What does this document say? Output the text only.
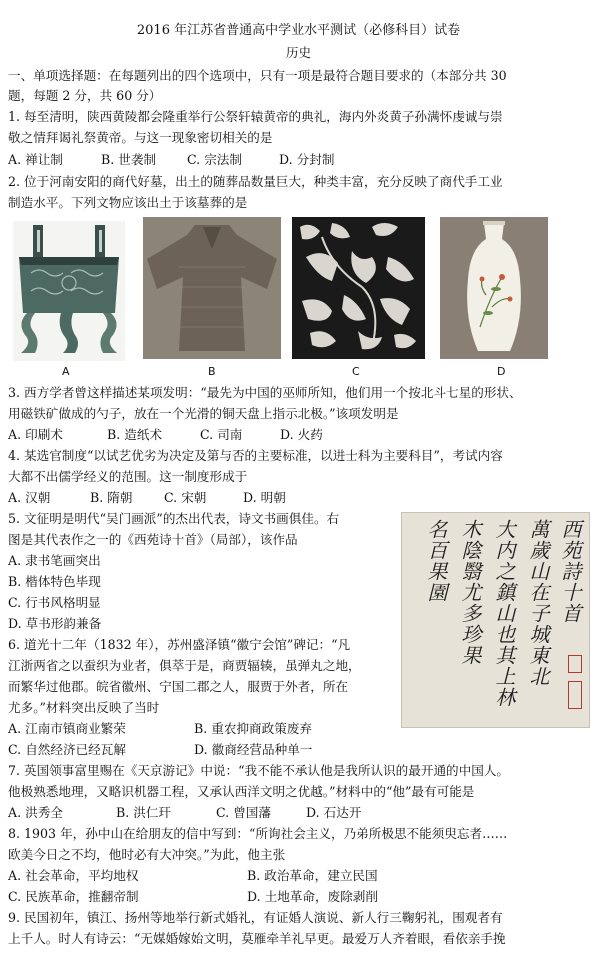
2016 年江苏省普通高中学业水平测试（必修科目）试卷
历史
一、单项选择题：在每题列出的四个选项中，只有一项是最符合题目要求的（本部分共 30
题，每题 2 分，共 60 分）
1. 每至清明，陕西黄陵都会隆重举行公祭轩辕黄帝的典礼，海内外炎黄子孙满怀虔诚与崇
敬之情拜谒礼祭黄帝。与这一现象密切相关的是
A. 禅让制	B. 世袭制 C. 宗法制	D. 分封制
2. 位于河南安阳的商代好墓，出土的随葬品数量巨大，种类丰富，充分反映了商代手工业
制造水平。下列文物应该出土于该墓葬的是
A	B	C	D
3. 西方学者曾这样描述某项发明：“最先为中国的巫师所知，他们用一个按北斗七星的形状、
用磁铁矿做成的勺子，放在一个光滑的铜天盘上指示北极。”该项发明是
A. 印刷术	B. 造纸术	C. 司南	D. 火药
4. 某选官制度“以试艺优劣为决定及第与否的主要标准，以进士科为主要科目”，考试内容
大都不出儒学经义的范围。这一制度形成于
A. 汉朝	B. 隋朝	C. 宋朝	D. 明朝
5. 文征明是明代“吴门画派”的杰出代表，诗文书画俱佳。右
图是其代表作之一的《西苑诗十首》（局部），该作品
A. 隶书笔画突出
B. 楷体特色毕现
C. 行书风格明显
D. 草书形韵兼备	西苑詩十首
萬歲山在子城東北
大内之鎮山也其上林
木陰翳尤多珍果
名百果園
6. 道光十二年（1832 年），苏州盛泽镇“徽宁会馆”碑记：“凡
江浙两省之以蚕织为业者，俱萃于是，商贾辐辏，虽弹丸之地，
而繁华过他郡。皖省徽州、宁国二郡之人，服贾于外者，所在
尤多。”材料突出反映了当时
A. 江南市镇商业繁荣	B. 重农抑商政策废弃
C. 自然经济已经瓦解	D. 徽商经营品种单一
7. 英国领事富里赐在《天京游记》中说：“我不能不承认他是我所认识的最开通的中国人。
他极熟悉地理，又略识机器工程，又承认西洋文明之优越。”材料中的“他”最有可能是
A. 洪秀全	B. 洪仁玕	C. 曾国藩	D. 石达开
8. 1903 年，孙中山在给朋友的信中写到：“所询社会主义，乃弟所极思不能须臾忘者……
欧美今日之不均，他时必有大冲突。”为此，他主张
A. 社会革命，平均地权	B. 政治革命，建立民国
C. 民族革命，推翻帝制	D. 土地革命，废除剥削
9. 民国初年，镇江、扬州等地举行新式婚礼，有证婚人演说、新人行三鞠躬礼，围观者有
上千人。时人有诗云：“无媒婚嫁始文明，莫雁牵羊礼早更。最爱万人齐着眼，看依亲手挽
